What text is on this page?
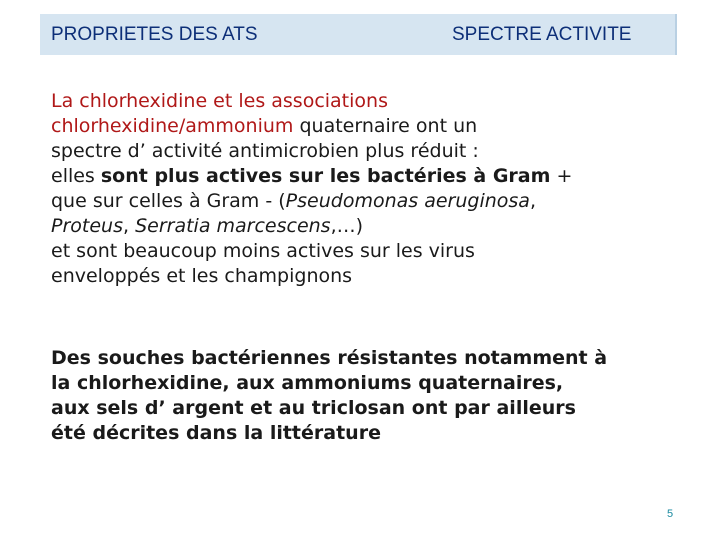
PROPRIETES DES ATS	SPECTRE ACTIVITE
La chlorhexidine et les associations
chlorhexidine/ammonium quaternaire ont un
spectre d’ activité antimicrobien plus réduit :
elles sont plus actives sur les bactéries à Gram +
que sur celles à Gram - (Pseudomonas aeruginosa,
Proteus, Serratia marcescens,…)
et sont beaucoup moins actives sur les virus
enveloppés et les champignons
Des souches bactériennes résistantes notamment à
la chlorhexidine, aux ammoniums quaternaires,
aux sels d’ argent et au triclosan ont par ailleurs
été décrites dans la littérature
5
